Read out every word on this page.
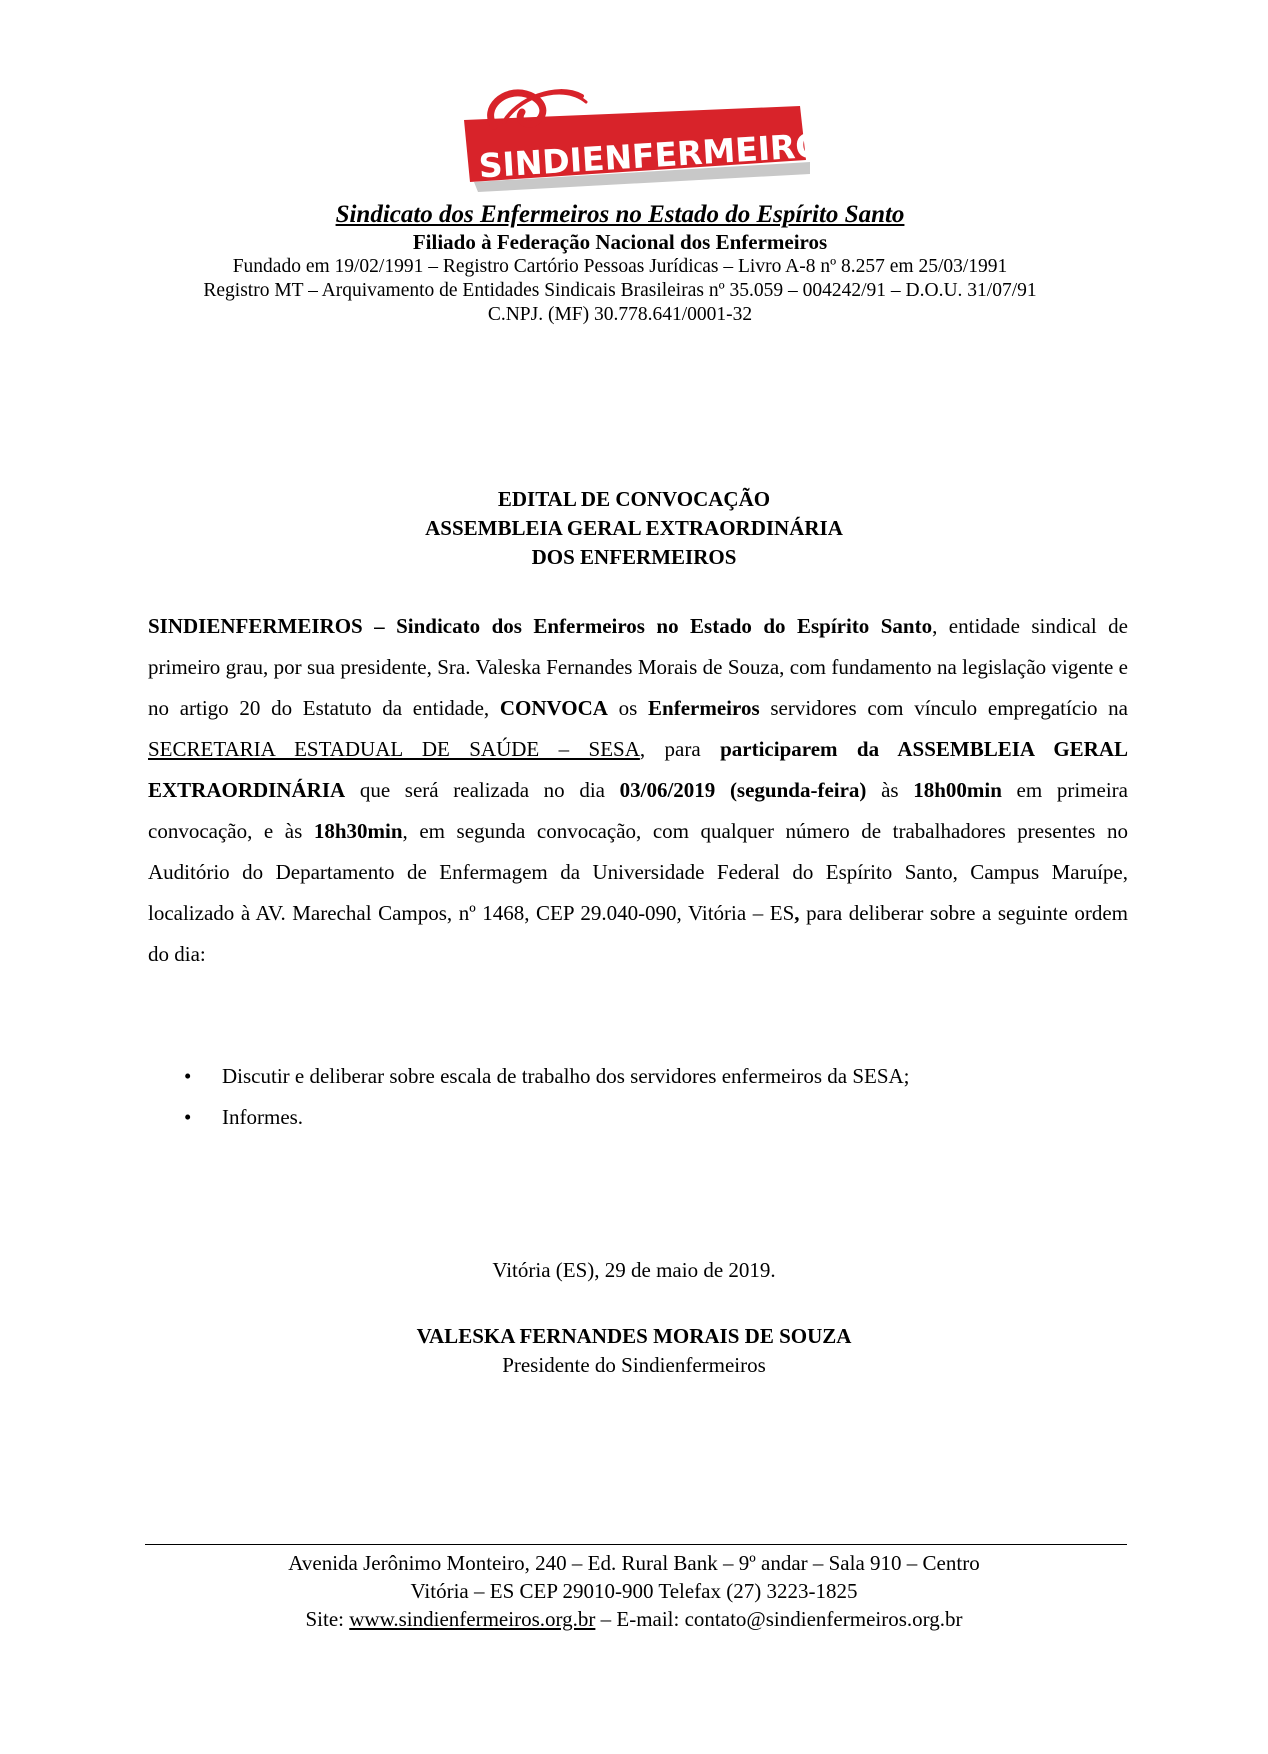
SINDIENFERMEIROS
Sindicato dos Enfermeiros no Estado do Espírito Santo
Filiado à Federação Nacional dos Enfermeiros
Fundado em 19/02/1991 – Registro Cartório Pessoas Jurídicas – Livro A-8 nº 8.257 em 25/03/1991
Registro MT – Arquivamento de Entidades Sindicais Brasileiras nº 35.059 – 004242/91 – D.O.U. 31/07/91
C.NPJ. (MF) 30.778.641/0001-32
EDITAL DE CONVOCAÇÃO
ASSEMBLEIA GERAL EXTRAORDINÁRIA
DOS ENFERMEIROS

SINDIENFERMEIROS – Sindicato dos Enfermeiros no Estado do Espírito Santo, entidade sindical de primeiro grau, por sua presidente, Sra. Valeska Fernandes Morais de Souza, com fundamento na legislação vigente e no artigo 20 do Estatuto da entidade, CONVOCA os Enfermeiros servidores com vínculo empregatício na SECRETARIA ESTADUAL DE SAÚDE – SESA, para participarem da ASSEMBLEIA GERAL EXTRAORDINÁRIA que será realizada no dia 03/06/2019 (segunda-feira) às 18h00min em primeira convocação, e às 18h30min, em segunda convocação, com qualquer número de trabalhadores presentes no Auditório do Departamento de Enfermagem da Universidade Federal do Espírito Santo, Campus Maruípe, localizado à AV. Marechal Campos, nº 1468, CEP 29.040-090, Vitória – ES, para deliberar sobre a seguinte ordem do dia:

• Discutir e deliberar sobre escala de trabalho dos servidores enfermeiros da SESA;
• Informes.
Vitória (ES), 29 de maio de 2019.
VALESKA FERNANDES MORAIS DE SOUZA
Presidente do Sindienfermeiros
Avenida Jerônimo Monteiro, 240 – Ed. Rural Bank – 9º andar – Sala 910 – Centro
Vitória – ES CEP 29010-900 Telefax (27) 3223-1825
Site: www.sindienfermeiros.org.br – E-mail: contato@sindienfermeiros.org.br
